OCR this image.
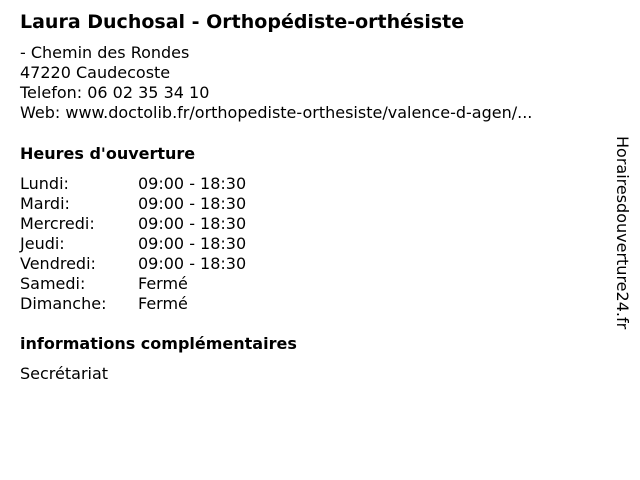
Laura Duchosal - Orthopédiste-orthésiste
- Chemin des Rondes
47220 Caudecoste
Telefon: 06 02 35 34 10
Web: www.doctolib.fr/orthopediste-orthesiste/valence-d-agen/...
Heures d'ouverture
Lundi:	09:00 - 18:30
Mardi:	09:00 - 18:30
Mercredi:	09:00 - 18:30
Jeudi:	09:00 - 18:30
Vendredi:	09:00 - 18:30
Samedi:	Fermé
Dimanche:	Fermé
informations complémentaires
Secrétariat
Horairesdouverture24.fr
